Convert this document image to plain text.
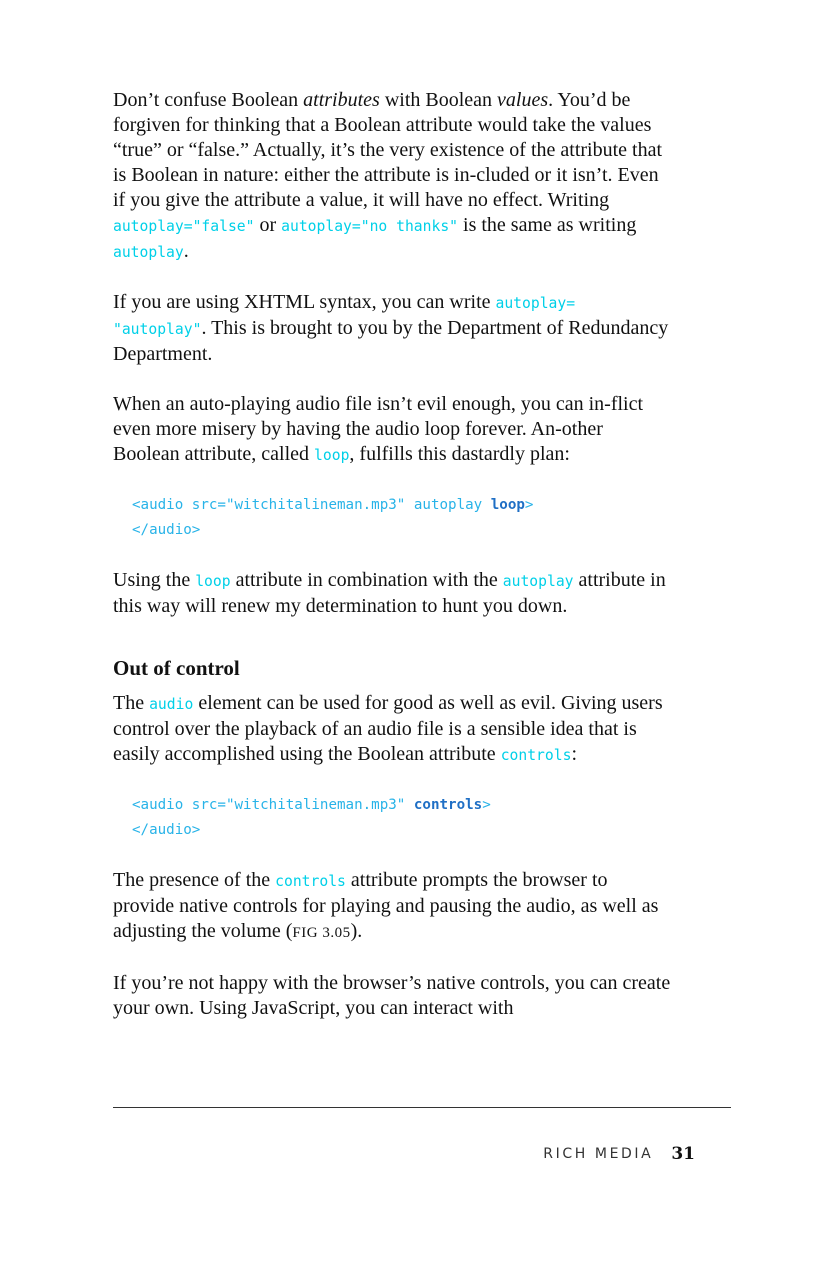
Don’t confuse Boolean attributes with Boolean values. You’d be forgiven for thinking that a Boolean attribute would take the values “true” or “false.” Actually, it’s the very existence of the attribute that is Boolean in nature: either the attribute is in-cluded or it isn’t. Even if you give the attribute a value, it will have no effect. Writing autoplay="false" or autoplay="no thanks" is the same as writing autoplay.

If you are using XHTML syntax, you can write autoplay= "autoplay". This is brought to you by the Department of Redundancy Department.

When an auto-playing audio file isn’t evil enough, you can in-flict even more misery by having the audio loop forever. An-other Boolean attribute, called loop, fulfills this dastardly plan:

<audio src="witchitalineman.mp3" autoplay loop>
</audio>

Using the loop attribute in combination with the autoplay attribute in this way will renew my determination to hunt you down.

Out of control

The audio element can be used for good as well as evil. Giving users control over the playback of an audio file is a sensible idea that is easily accomplished using the Boolean attribute controls:

<audio src="witchitalineman.mp3" controls>
</audio>

The presence of the controls attribute prompts the browser to provide native controls for playing and pausing the audio, as well as adjusting the volume (FIG 3.05).

If you’re not happy with the browser’s native controls, you can create your own. Using JavaScript, you can interact with

RICH MEDIA 31
